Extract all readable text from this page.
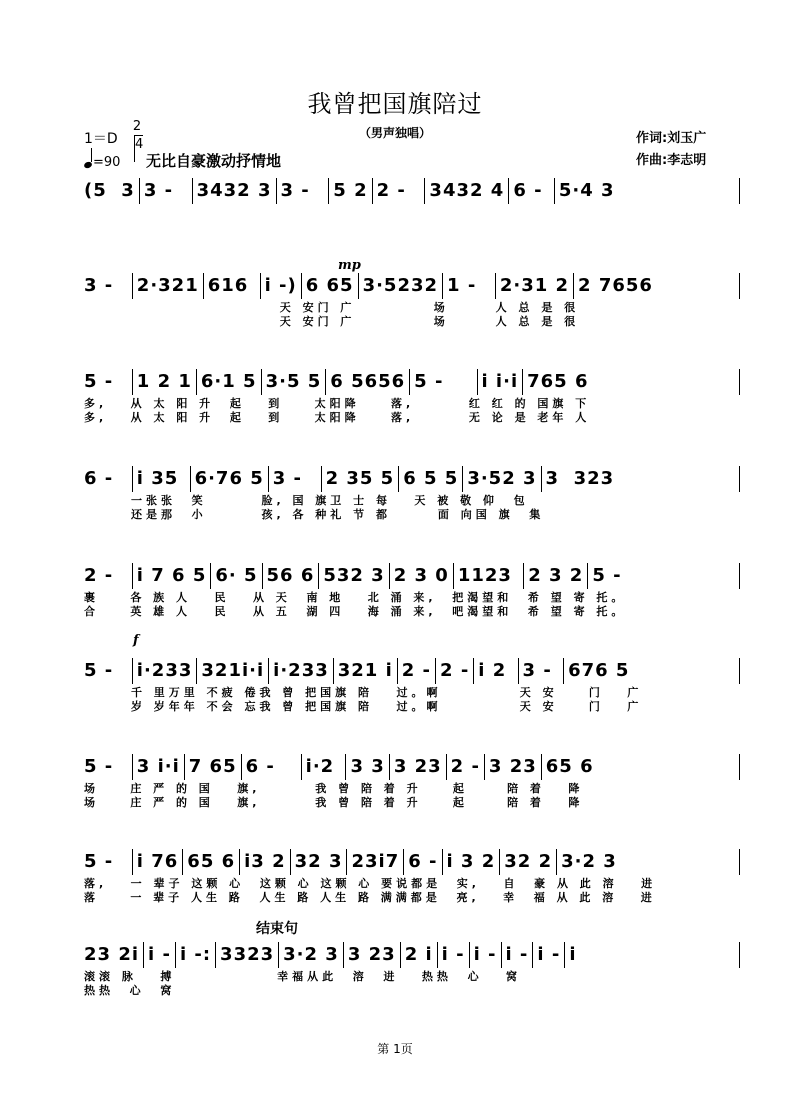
我曾把国旗陪过
（男声独唱）
1＝D
2
4
=90 无比自豪激动抒情地
作词:刘玉广
作曲:李志明
mp
f
结束句
(5  3 3 -  3432 3 3 -  5 2 2 -  3432 4 6 - 5·4 3
3 -  2·321 616 i -) 6 65 3·5232 1 -  2·31 2 2 7656
天 安门 广          场      人 总 是 很
天 安门 广          场      人 总 是 很
5 -  1 2 1 6·1 5 3·5 5 6 5656 5 -    i i·i 765 6
多,   从 太 阳 升  起   到    太阳降    落,       红 红 的 国旗 下
多,   从 太 阳 升  起   到    太阳降    落,       无 论 是 老年 人
6 -  i 35 6·76 5 3 -  2 35 5 6 5 5 3·52 3 3  323
一张张  笑       脸, 国 旗卫 士 每   天 被 敬 仰  包
还是那  小       孩, 各 种礼 节 都      面 向国 旗  集
2 -  i 7 6 5 6· 5 56 6 532 3 2 3 0 1123 2 3 2 5 -
裹    各 族 人   民   从 天  南 地   北 涌 来,  把渴望和  希 望 寄 托。
合    英 雄 人   民   从 五  湖 四   海 涌 来,  吧渴望和  希 望 寄 托。
5 -  i·233 321i·i i·233 321 i 2 - 2 - i 2 3 - 676 5
千 里万里 不疲 倦我 曾 把国旗 陪   过。啊          天 安    门   广
岁 岁年年 不会 忘我 曾 把国旗 陪   过。啊          天 安    门   广
5 -  3 i·i 7 65 6 -   i·2 3 3 3 23 2 - 3 23 65 6
场    庄 严 的 国   旗,       我 曾 陪 着 升    起     陪 着   降
场    庄 严 的 国   旗,       我 曾 陪 着 升    起     陪 着   降
5 -  i 76 65 6 i3 2 32 3 23i7 6 - i 3 2 32 2 3·2 3
落,   一 辈子 这颗 心  这颗 心 这颗 心 要说都是  实,   自  豪 从 此 溶   进
落    一 辈子 人生 路  人生 路 人生 路 满满都是  亮,   幸  福 从 此 溶   进
23 2i i - i -: 3323 3·2 3 3 23 2 i i - i - i - i - i
滚滚 脉   搏             幸福从此  溶  进   热热  心   窝
热热  心  窝
第 1页
